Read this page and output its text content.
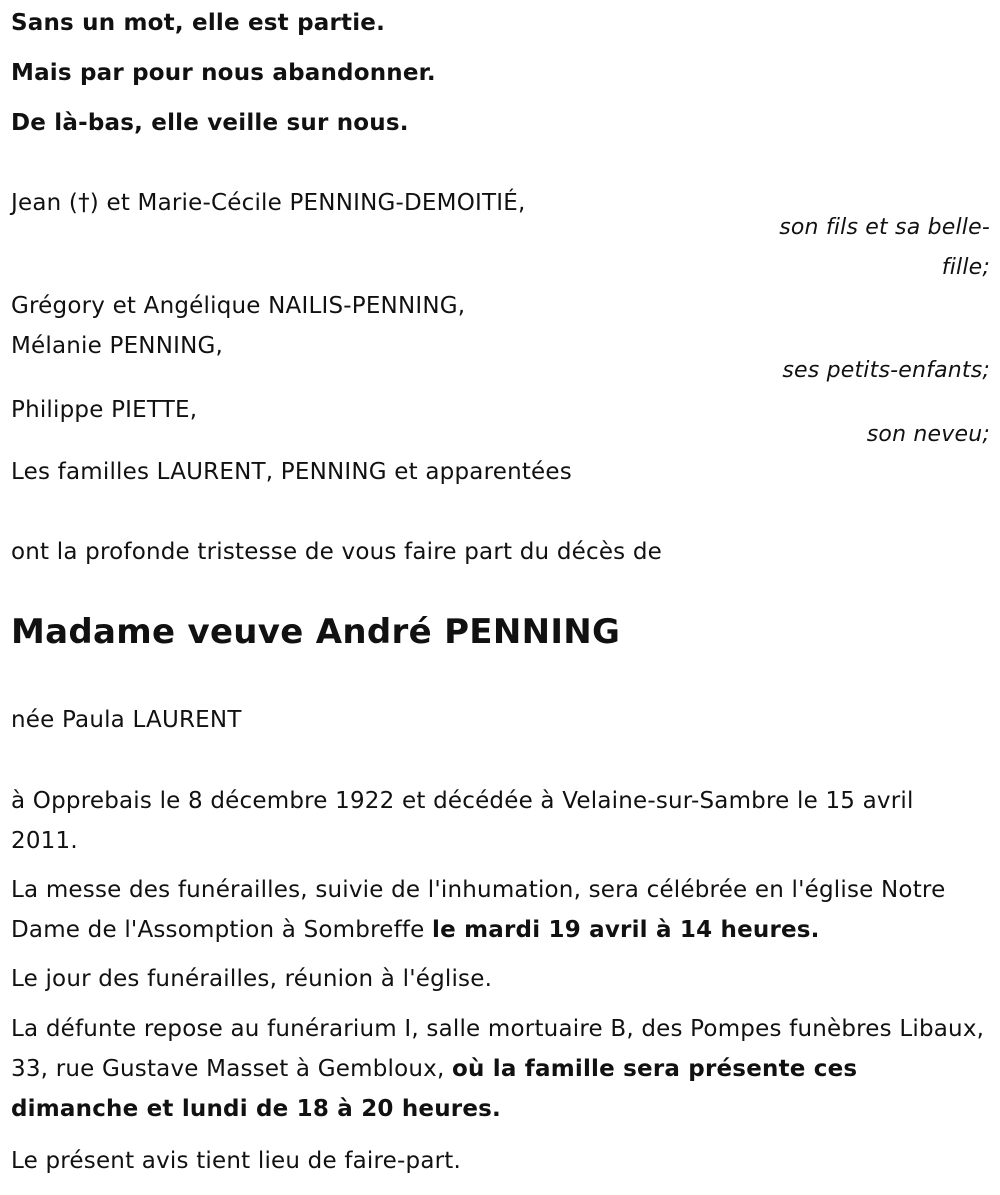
Sans un mot, elle est partie.
Mais par pour nous abandonner.
De là-bas, elle veille sur nous.
Jean (†) et Marie-Cécile PENNING-DEMOITIÉ,
son fils et sa belle-
fille;
Grégory et Angélique NAILIS-PENNING,
Mélanie PENNING,
ses petits-enfants;
Philippe PIETTE,
son neveu;
Les familles LAURENT, PENNING et apparentées
ont la profonde tristesse de vous faire part du décès de
Madame veuve André PENNING
née Paula LAURENT
à Opprebais le 8 décembre 1922 et décédée à Velaine-sur-Sambre le 15 avril 2011.
La messe des funérailles, suivie de l'inhumation, sera célébrée en l'église Notre Dame de l'Assomption à Sombreffe le mardi 19 avril à 14 heures.
Le jour des funérailles, réunion à l'église.
La défunte repose au funérarium I, salle mortuaire B, des Pompes funèbres Libaux, 33, rue Gustave Masset à Gembloux, où la famille sera présente ces dimanche et lundi de 18 à 20 heures.
Le présent avis tient lieu de faire-part.
